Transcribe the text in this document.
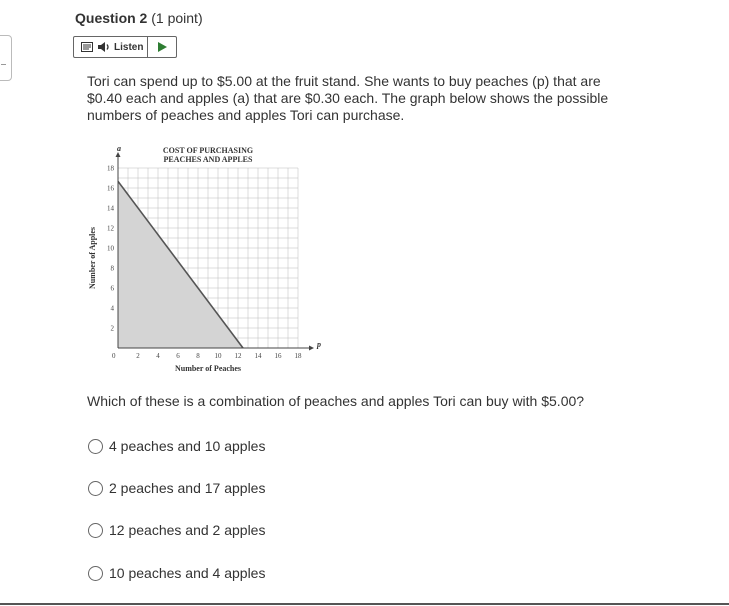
Question 2 (1 point)
Listen
Tori can spend up to $5.00 at the fruit stand. She wants to buy peaches (p) that are $0.40 each and apples (a) that are $0.30 each. The graph below shows the possible numbers of peaches and apples Tori can purchase.
COST OF PURCHASING PEACHES AND APPLES
p
a
0	2 4 6 8 10 12 14 16 18
2
4
6
8
10
12
14
16
18
Number of Peaches
Number of Apples
Which of these is a combination of peaches and apples Tori can buy with $5.00?
4 peaches and 10 apples
2 peaches and 17 apples
12 peaches and 2 apples
10 peaches and 4 apples
